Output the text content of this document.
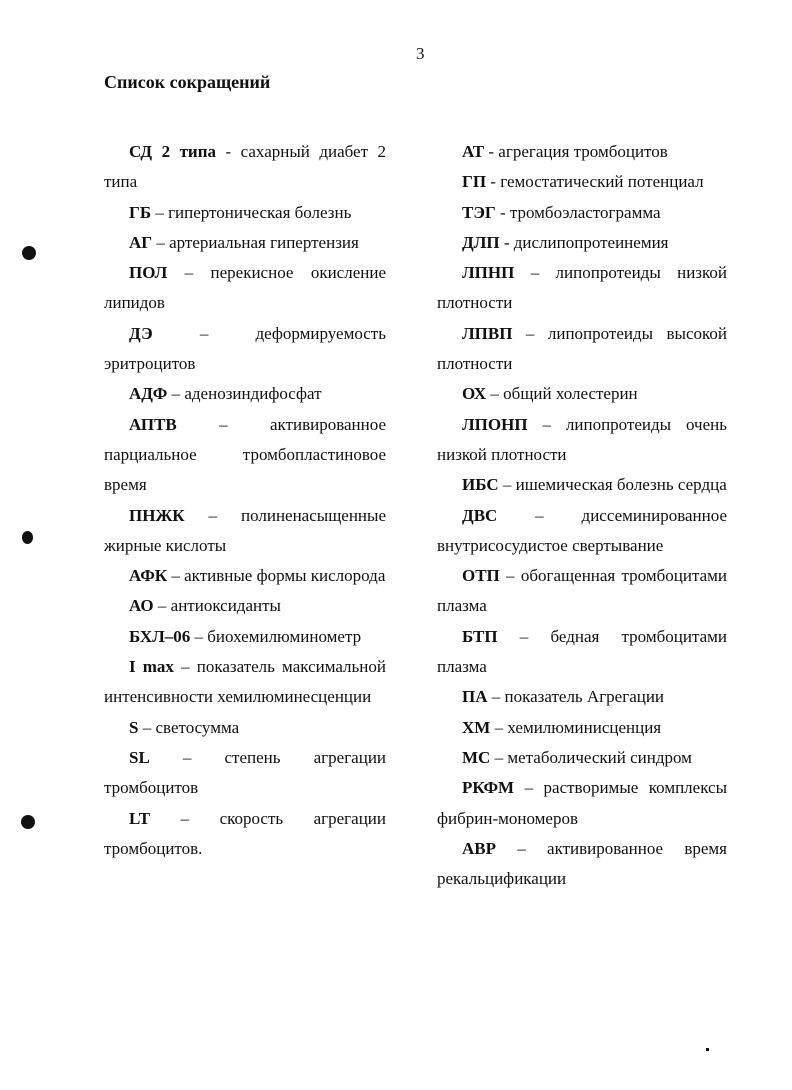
3
Список сокращений

СД 2 типа - сахарный диабет 2 типа

ГБ – гипертоническая болезнь

АГ – артериальная гипертензия

ПОЛ – перекисное окисление липидов

ДЭ – деформируемость эритроцитов

АДФ – аденозиндифосфат

АПТВ – активированное парциальное тромбопластиновое время

ПНЖК – полиненасыщенные жирные кислоты

АФК – активные формы кислорода

АО – антиоксиданты

БХЛ–06 – биохемилюминометр

I max – показатель максимальной интенсивности хемилюминесценции

S – светосумма

SL – степень агрегации тромбоцитов

LT – скорость агрегации тромбоцитов.

АТ - агрегация тромбоцитов

ГП - гемостатический потенциал

ТЭГ - тромбоэластограмма

ДЛП - дислипопротеинемия

ЛПНП – липопротеиды низкой плотности

ЛПВП – липопротеиды высокой плотности

ОХ – общий холестерин

ЛПОНП – липопротеиды очень низкой плотности

ИБС – ишемическая болезнь сердца

ДВС – диссеминированное внутрисосудистое свертывание

ОТП – обогащенная тромбоцитами плазма

БТП – бедная тромбоцитами плазма

ПА – показатель Агрегации

ХМ – хемилюминисценция

МС – метаболический синдром

РКФМ – растворимые комплексы фибрин-мономеров

АВР – активированное время рекальцификации
